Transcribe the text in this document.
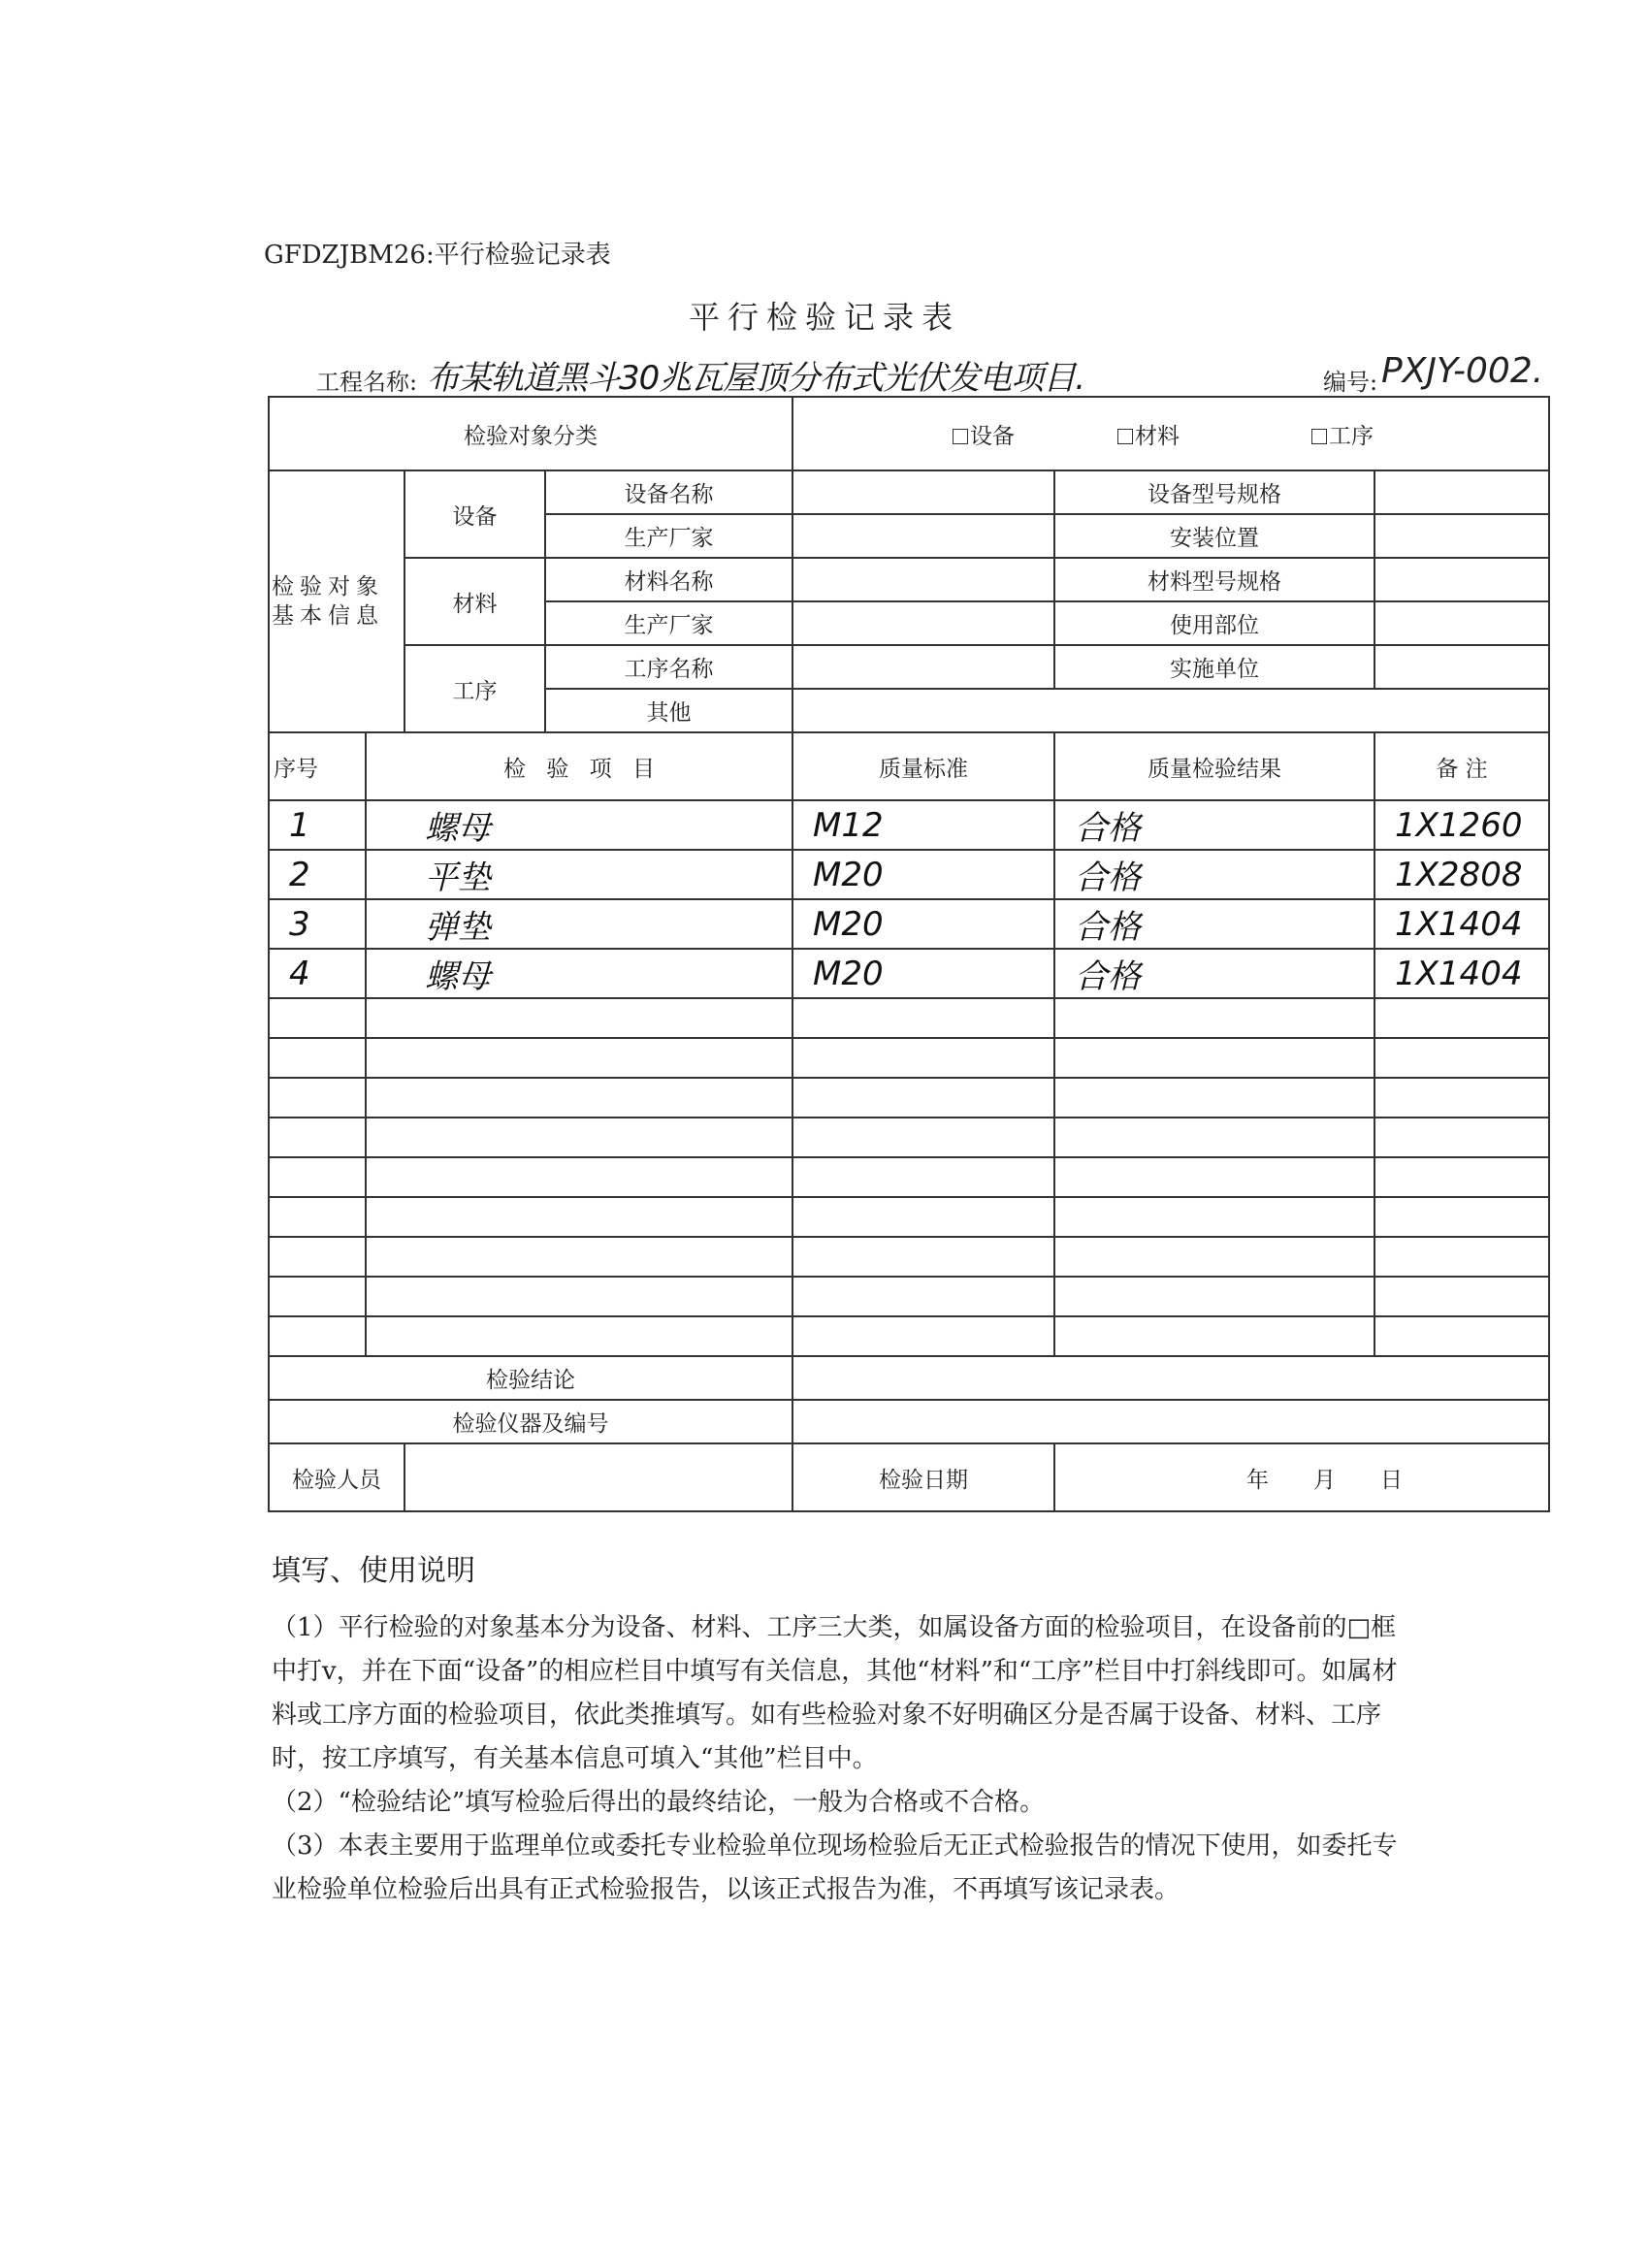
GFDZJBM26:平行检验记录表
平行检验记录表
工程名称: 布某轨道黑斗30兆瓦屋顶分布式光伏发电项目.	编号: PXJY-002.
检验对象分类				设备 材料 工序		
检验对象基本信息		设备	设备名称		设备型号规格	
			生产厂家		安装位置	
		材料	材料名称		材料型号规格	
			生产厂家		使用部位	
		工序	工序名称		实施单位	
			其他			
序号	检 验 项 目			质量标准	质量检验结果	备 注
1	螺母			M12	合格	1X1260
2	平垫			M20	合格	1X2808
3	弹垫			M20	合格	1X1404
4	螺母			M20	合格	1X1404

检验结论						
检验仪器及编号						
检验人员				检验日期	年　　月　　日	
填写、使用说明

（1）平行检验的对象基本分为设备、材料、工序三大类，如属设备方面的检验项目，在设备前的□框中打v，并在下面“设备”的相应栏目中填写有关信息，其他“材料”和“工序”栏目中打斜线即可。如属材料或工序方面的检验项目，依此类推填写。如有些检验对象不好明确区分是否属于设备、材料、工序时，按工序填写，有关基本信息可填入“其他”栏目中。

（2）“检验结论”填写检验后得出的最终结论，一般为合格或不合格。

（3）本表主要用于监理单位或委托专业检验单位现场检验后无正式检验报告的情况下使用，如委托专业检验单位检验后出具有正式检验报告，以该正式报告为准，不再填写该记录表。
